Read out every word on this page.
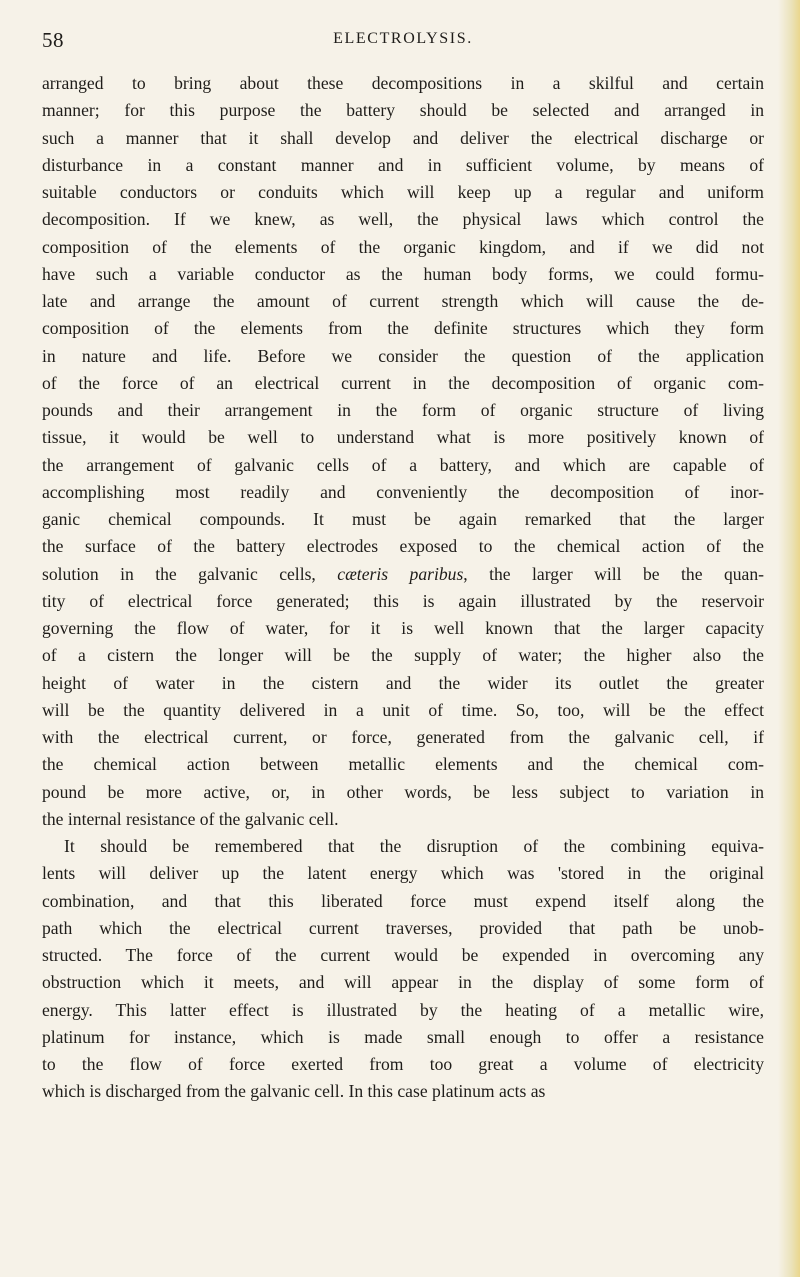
58	ELECTROLYSIS.
arranged to bring about these decompositions in a skilful and certain
manner; for this purpose the battery should be selected and arranged in
such a manner that it shall develop and deliver the electrical discharge or
disturbance in a constant manner and in sufficient volume, by means of
suitable conductors or conduits which will keep up a regular and uniform
decomposition. If we knew, as well, the physical laws which control the
composition of the elements of the organic kingdom, and if we did not
have such a variable conductor as the human body forms, we could formu-
late and arrange the amount of current strength which will cause the de-
composition of the elements from the definite structures which they form
in nature and life. Before we consider the question of the application
of the force of an electrical current in the decomposition of organic com-
pounds and their arrangement in the form of organic structure of living
tissue, it would be well to understand what is more positively known of
the arrangement of galvanic cells of a battery, and which are capable of
accomplishing most readily and conveniently the decomposition of inor-
ganic chemical compounds. It must be again remarked that the larger
the surface of the battery electrodes exposed to the chemical action of the
solution in the galvanic cells, cæteris paribus, the larger will be the quan-
tity of electrical force generated; this is again illustrated by the reservoir
governing the flow of water, for it is well known that the larger capacity
of a cistern the longer will be the supply of water; the higher also the
height of water in the cistern and the wider its outlet the greater
will be the quantity delivered in a unit of time. So, too, will be the effect
with the electrical current, or force, generated from the galvanic cell, if
the chemical action between metallic elements and the chemical com-
pound be more active, or, in other words, be less subject to variation in
the internal resistance of the galvanic cell.
It should be remembered that the disruption of the combining equiva-
lents will deliver up the latent energy which was 'stored in the original
combination, and that this liberated force must expend itself along the
path which the electrical current traverses, provided that path be unob-
structed. The force of the current would be expended in overcoming any
obstruction which it meets, and will appear in the display of some form of
energy. This latter effect is illustrated by the heating of a metallic wire,
platinum for instance, which is made small enough to offer a resistance
to the flow of force exerted from too great a volume of electricity
which is discharged from the galvanic cell. In this case platinum acts as
